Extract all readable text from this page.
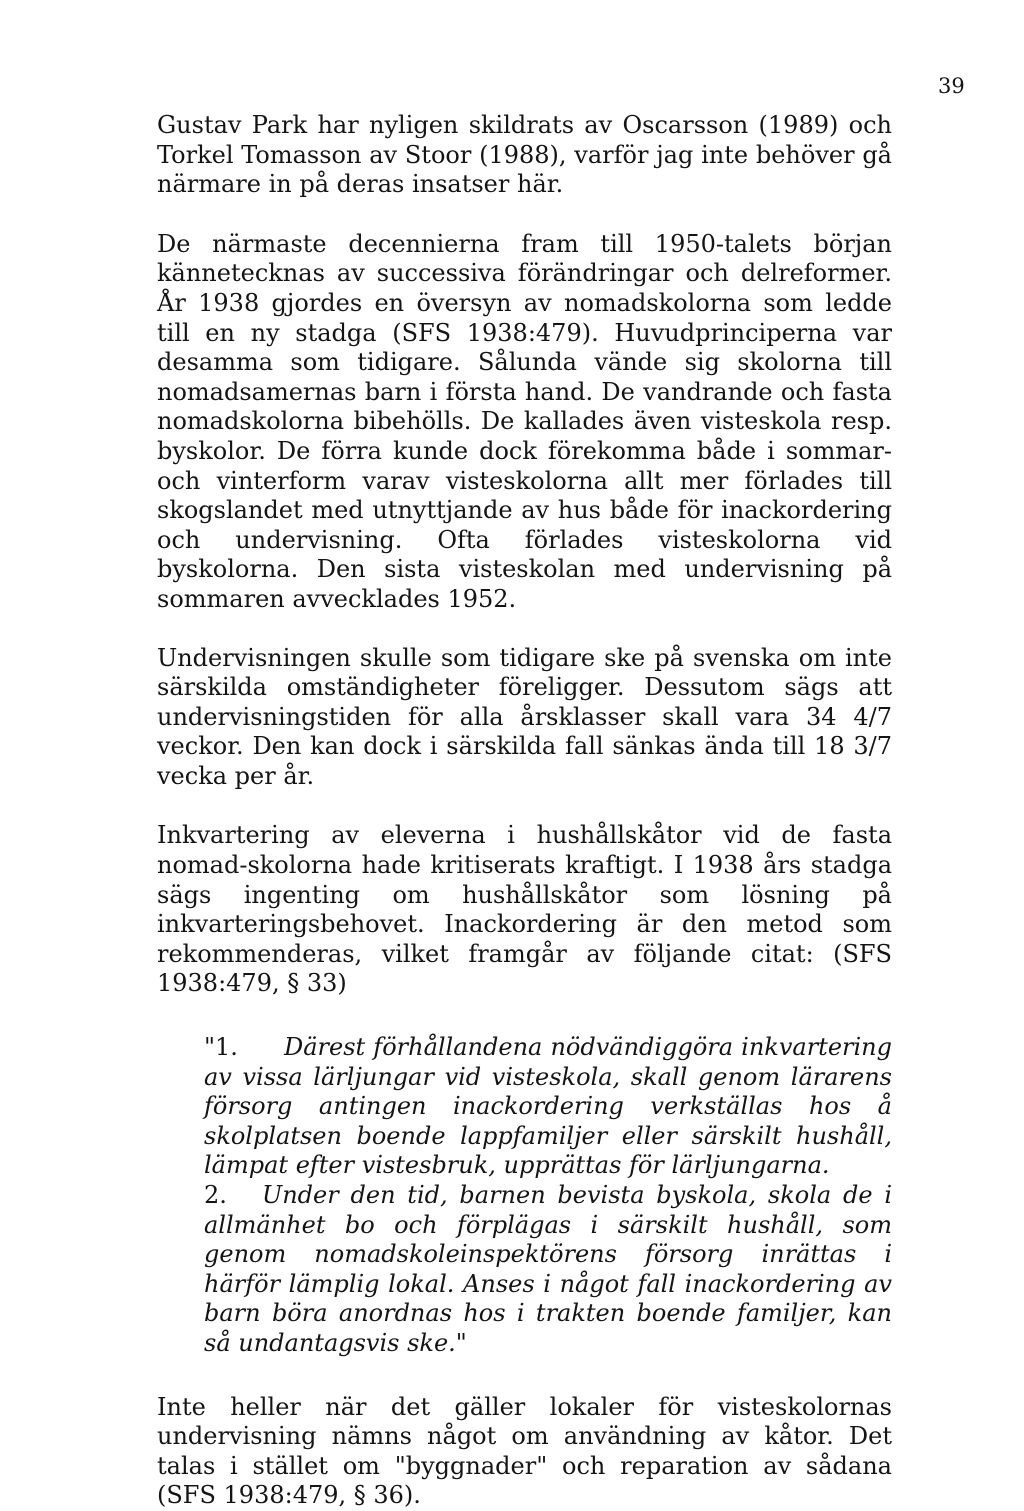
39

Gustav Park har nyligen skildrats av Oscarsson (1989) och Torkel Tomasson av Stoor (1988), varför jag inte behöver gå närmare in på deras insatser här.

De närmaste decennierna fram till 1950-talets början kännetecknas av successiva förändringar och delreformer. År 1938 gjordes en översyn av nomadskolorna som ledde till en ny stadga (SFS 1938:479). Huvudprinciperna var desamma som tidigare. Sålunda vände sig skolorna till nomadsamernas barn i första hand. De vandrande och fasta nomadskolorna bibehölls. De kallades även visteskola resp. byskolor. De förra kunde dock förekomma både i sommar- och vinterform varav visteskolorna allt mer förlades till skogslandet med utnyttjande av hus både för inackordering och undervisning. Ofta förlades visteskolorna vid byskolorna. Den sista visteskolan med undervisning på sommaren avvecklades 1952.

Undervisningen skulle som tidigare ske på svenska om inte särskilda omständigheter föreligger. Dessutom sägs att undervisningstiden för alla årsklasser skall vara 34 4/7 veckor. Den kan dock i särskilda fall sänkas ända till 18 3/7 vecka per år.

Inkvartering av eleverna i hushållskåtor vid de fasta nomad-skolorna hade kritiserats kraftigt. I 1938 års stadga sägs ingenting om hushållskåtor som lösning på inkvarteringsbehovet. Inackordering är den metod som rekommenderas, vilket framgår av följande citat: (SFS 1938:479, § 33)

"1. Därest förhållandena nödvändiggöra inkvartering av vissa lärljungar vid visteskola, skall genom lärarens försorg antingen inackordering verkställas hos å skolplatsen boende lappfamiljer eller särskilt hushåll, lämpat efter vistesbruk, upprättas för lärljungarna.

2. Under den tid, barnen bevista byskola, skola de i allmänhet bo och förplägas i särskilt hushåll, som genom nomadskoleinspektörens försorg inrättas i härför lämplig lokal. Anses i något fall inackordering av barn böra anordnas hos i trakten boende familjer, kan så undantagsvis ske."

Inte heller när det gäller lokaler för visteskolornas undervisning nämns något om användning av kåtor. Det talas i stället om "byggnader" och reparation av sådana (SFS 1938:479, § 36).
